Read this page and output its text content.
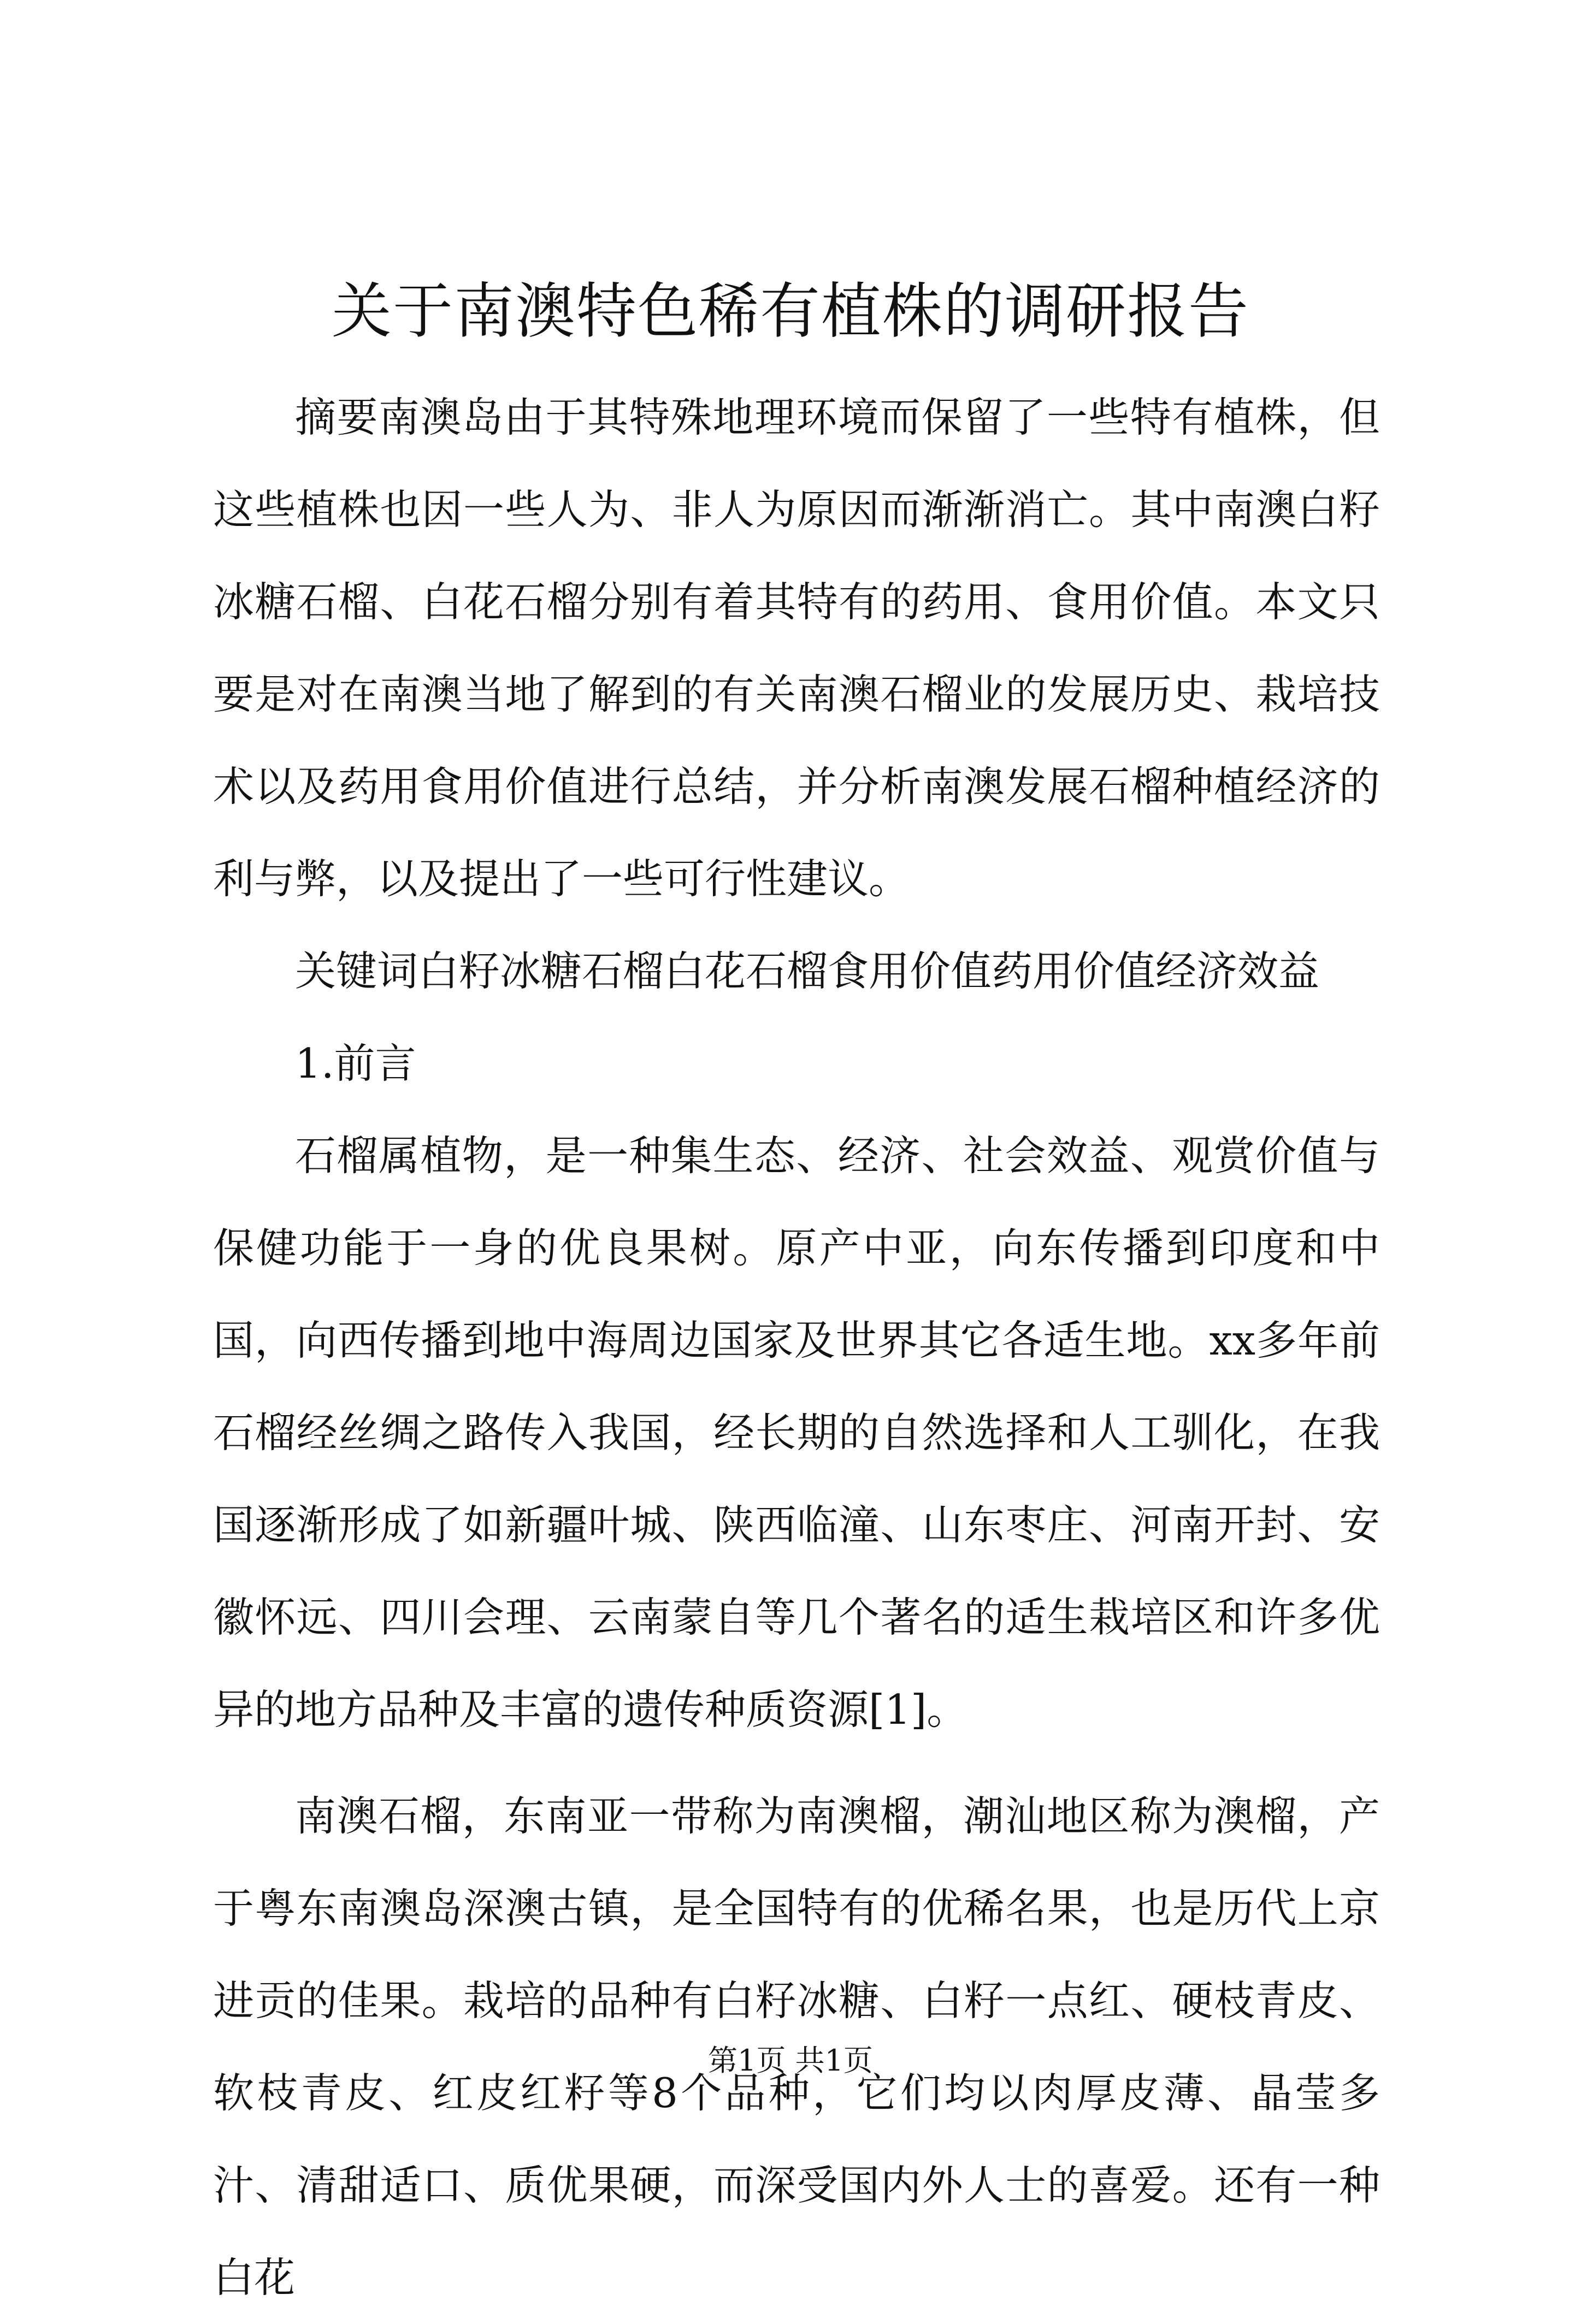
关于南澳特色稀有植株的调研报告

摘要南澳岛由于其特殊地理环境而保留了一些特有植株，但这些植株也因一些人为、非人为原因而渐渐消亡。其中南澳白籽冰糖石榴、白花石榴分别有着其特有的药用、食用价值。本文只要是对在南澳当地了解到的有关南澳石榴业的发展历史、栽培技术以及药用食用价值进行总结，并分析南澳发展石榴种植经济的利与弊，以及提出了一些可行性建议。

关键词白籽冰糖石榴白花石榴食用价值药用价值经济效益

1.前言

石榴属植物，是一种集生态、经济、社会效益、观赏价值与保健功能于一身的优良果树。原产中亚，向东传播到印度和中国，向西传播到地中海周边国家及世界其它各适生地。xx多年前石榴经丝绸之路传入我国，经长期的自然选择和人工驯化，在我国逐渐形成了如新疆叶城、陕西临潼、山东枣庄、河南开封、安徽怀远、四川会理、云南蒙自等几个著名的适生栽培区和许多优异的地方品种及丰富的遗传种质资源[1]。

南澳石榴，东南亚一带称为南澳榴，潮汕地区称为澳榴，产于粤东南澳岛深澳古镇，是全国特有的优稀名果，也是历代上京进贡的佳果。栽培的品种有白籽冰糖、白籽一点红、硬枝青皮、软枝青皮、红皮红籽等8个品种，它们均以肉厚皮薄、晶莹多汁、清甜适口、质优果硬，而深受国内外人士的喜爱。还有一种白花

第1页 共1页
